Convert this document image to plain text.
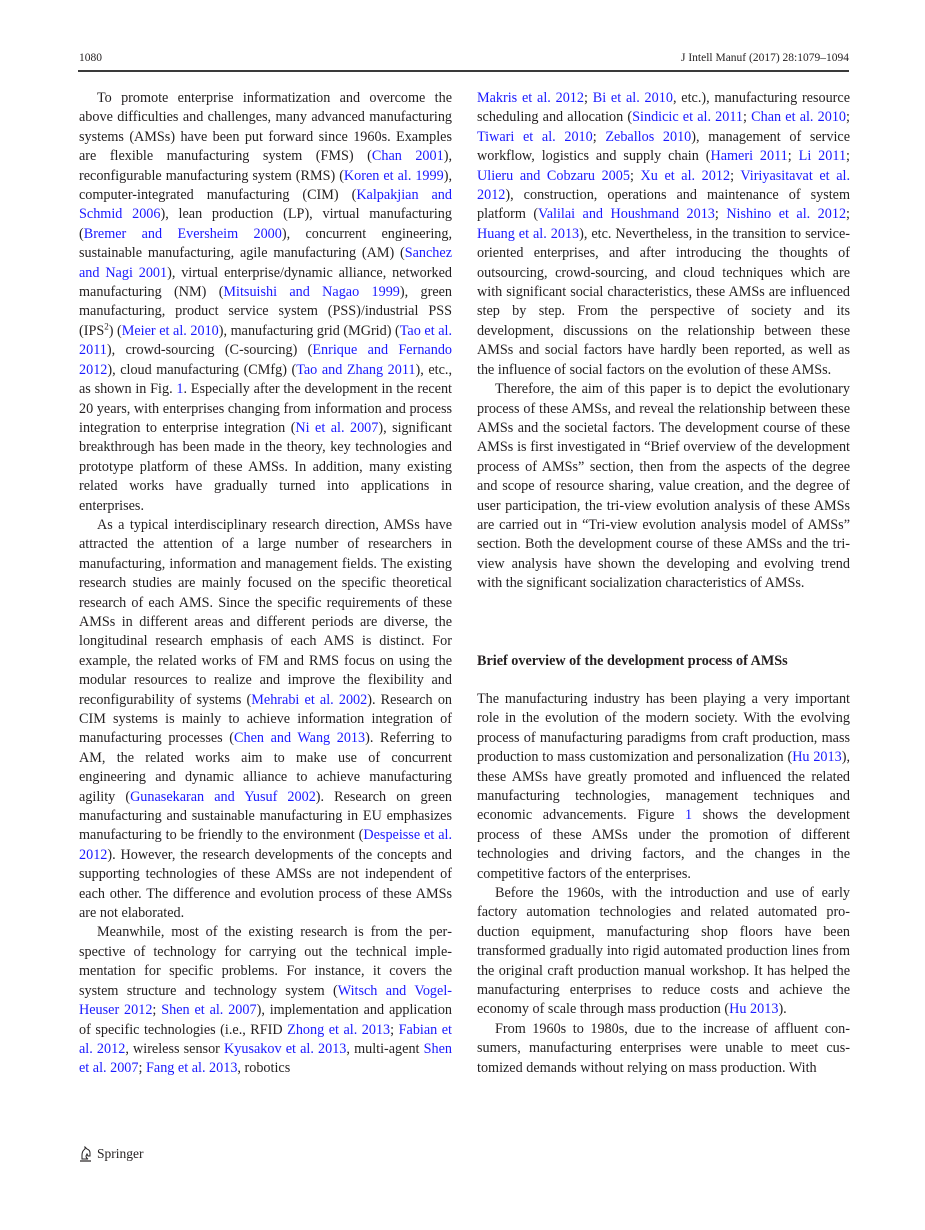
1080	J Intell Manuf (2017) 28:1079–1094

To promote enterprise informatization and overcome the above difficulties and challenges, many advanced manufacturing systems (AMSs) have been put forward since 1960s. Examples are flexible manufacturing system (FMS) (Chan 2001), reconfigurable manufacturing system (RMS) (Koren et al. 1999), computer-integrated manufacturing (CIM) (Kalpakjian and Schmid 2006), lean production (LP), virtual manufacturing (Bremer and Eversheim 2000), concurrent engineering, sustainable manufacturing, agile manufacturing (AM) (Sanchez and Nagi 2001), virtual enterprise/dynamic alliance, networked manufacturing (NM) (Mitsuishi and Nagao 1999), green manufacturing, product service system (PSS)/industrial PSS (IPS$^2$) (Meier et al. 2010), manufacturing grid (MGrid) (Tao et al. 2011), crowd-sourcing (C-sourcing) (Enrique and Fernando 2012), cloud manufacturing (CMfg) (Tao and Zhang 2011), etc., as shown in Fig. 1. Especially after the development in the recent 20 years, with enterprises changing from information and process integration to enterprise integration (Ni et al. 2007), significant breakthrough has been made in the theory, key technologies and prototype platform of these AMSs. In addition, many existing related works have gradually turned into applications in enterprises.

As a typical interdisciplinary research direction, AMSs have attracted the attention of a large number of researchers in manufacturing, information and management fields. The existing research studies are mainly focused on the specific theoretical research of each AMS. Since the specific requirements of these AMSs in different areas and different periods are diverse, the longitudinal research emphasis of each AMS is distinct. For example, the related works of FM and RMS focus on using the modular resources to realize and improve the flexibility and reconfigurability of systems (Mehrabi et al. 2002). Research on CIM systems is mainly to achieve information integration of manufacturing processes (Chen and Wang 2013). Referring to AM, the related works aim to make use of concurrent engineering and dynamic alliance to achieve manufacturing agility (Gunasekaran and Yusuf 2002). Research on green manufacturing and sustainable manufacturing in EU emphasizes manufacturing to be friendly to the environment (Despeisse et al. 2012). However, the research developments of the concepts and supporting technologies of these AMSs are not independent of each other. The difference and evolution process of these AMSs are not elaborated.

Meanwhile, most of the existing research is from the perspective of technology for carrying out the technical implementation for specific problems. For instance, it covers the system structure and technology system (Witsch and Vogel-Heuser 2012; Shen et al. 2007), implementation and application of specific technologies (i.e., RFID Zhong et al. 2013; Fabian et al. 2012, wireless sensor Kyusakov et al. 2013, multi-agent Shen et al. 2007; Fang et al. 2013, robotics

Makris et al. 2012; Bi et al. 2010, etc.), manufacturing resource scheduling and allocation (Sindicic et al. 2011; Chan et al. 2010; Tiwari et al. 2010; Zeballos 2010), management of service workflow, logistics and supply chain (Hameri 2011; Li 2011; Ulieru and Cobzaru 2005; Xu et al. 2012; Viriyasitavat et al. 2012), construction, operations and maintenance of system platform (Valilai and Houshmand 2013; Nishino et al. 2012; Huang et al. 2013), etc. Nevertheless, in the transition to service-oriented enterprises, and after introducing the thoughts of outsourcing, crowd-sourcing, and cloud techniques which are with significant social characteristics, these AMSs are influenced step by step. From the perspective of society and its development, discussions on the relationship between these AMSs and social factors have hardly been reported, as well as the influence of social factors on the evolution of these AMSs.

Therefore, the aim of this paper is to depict the evolutionary process of these AMSs, and reveal the relationship between these AMSs and the societal factors. The development course of these AMSs is first investigated in “Brief overview of the development process of AMSs” section, then from the aspects of the degree and scope of resource sharing, value creation, and the degree of user participation, the tri-view evolution analysis of these AMSs are carried out in “Tri-view evolution analysis model of AMSs” section. Both the development course of these AMSs and the tri-view analysis have shown the developing and evolving trend with the significant socialization characteristics of AMSs.

Brief overview of the development process of AMSs

The manufacturing industry has been playing a very important role in the evolution of the modern society. With the evolving process of manufacturing paradigms from craft production, mass production to mass customization and personalization (Hu 2013), these AMSs have greatly promoted and influenced the related manufacturing technologies, management techniques and economic advancements. Figure 1 shows the development process of these AMSs under the promotion of different technologies and driving factors, and the changes in the competitive factors of the enterprises.

Before the 1960s, with the introduction and use of early factory automation technologies and related automated production equipment, manufacturing shop floors have been transformed gradually into rigid automated production lines from the original craft production manual workshop. It has helped the manufacturing enterprises to reduce costs and achieve the economy of scale through mass production (Hu 2013).

From 1960s to 1980s, due to the increase of affluent consumers, manufacturing enterprises were unable to meet customized demands without relying on mass production. With

Springer
